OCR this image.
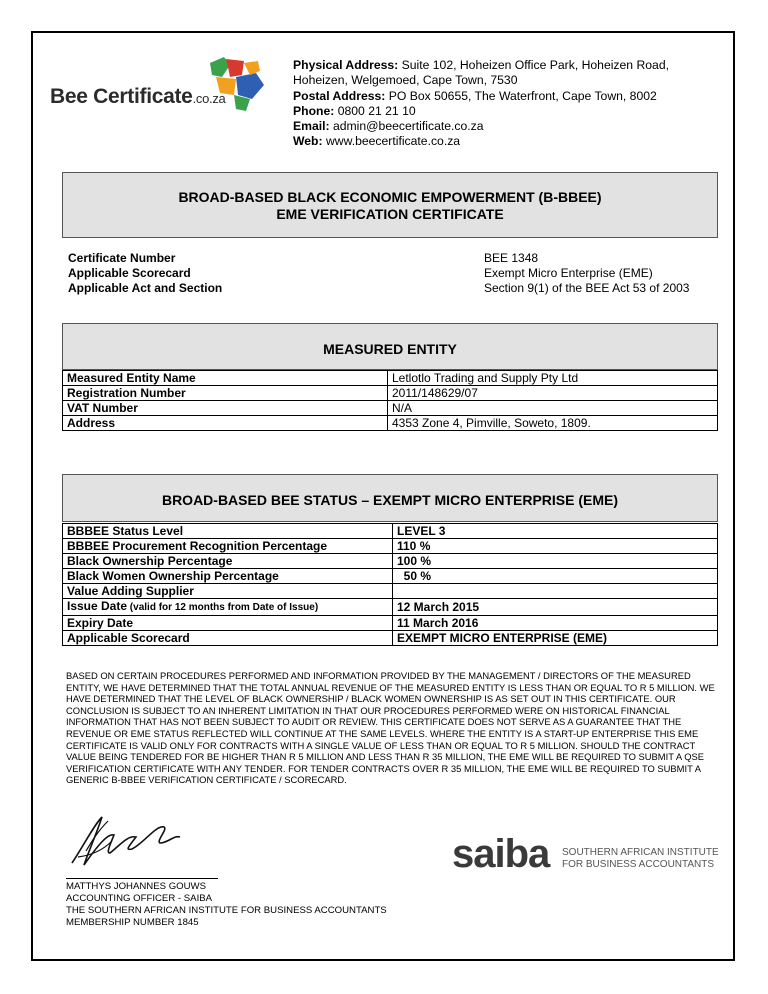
Bee Certificate.co.za
Physical Address: Suite 102, Hoheizen Office Park, Hoheizen Road,
Hoheizen, Welgemoed, Cape Town, 7530
Postal Address: PO Box 50655, The Waterfront, Cape Town, 8002
Phone: 0800 21 21 10
Email: admin@beecertificate.co.za
Web: www.beecertificate.co.za
BROAD-BASED BLACK ECONOMIC EMPOWERMENT (B-BBEE)
EME VERIFICATION CERTIFICATE
Certificate Number	BEE 1348
Applicable Scorecard	Exempt Micro Enterprise (EME)
Applicable Act and Section	Section 9(1) of the BEE Act 53 of 2003
MEASURED ENTITY
Measured Entity Name	Letlotlo Trading and Supply Pty Ltd
Registration Number	2011/148629/07
VAT Number	N/A
Address	4353 Zone 4, Pimville, Soweto, 1809.
BROAD-BASED BEE STATUS – EXEMPT MICRO ENTERPRISE (EME)
BBBEE Status Level	LEVEL 3
BBBEE Procurement Recognition Percentage	110 %
Black Ownership Percentage	100 %
Black Women Ownership Percentage	50 %
Value Adding Supplier	
Issue Date (valid for 12 months from Date of Issue)	12 March 2015
Expiry Date	11 March 2016
Applicable Scorecard	EXEMPT MICRO ENTERPRISE (EME)
BASED ON CERTAIN PROCEDURES PERFORMED AND INFORMATION PROVIDED BY THE MANAGEMENT / DIRECTORS OF THE MEASURED ENTITY, WE HAVE DETERMINED THAT THE TOTAL ANNUAL REVENUE OF THE MEASURED ENTITY IS LESS THAN OR EQUAL TO R 5 MILLION. WE HAVE DETERMINED THAT THE LEVEL OF BLACK OWNERSHIP / BLACK WOMEN OWNERSHIP IS AS SET OUT IN THIS CERTIFICATE. OUR CONCLUSION IS SUBJECT TO AN INHERENT LIMITATION IN THAT OUR PROCEDURES PERFORMED WERE ON HISTORICAL FINANCIAL INFORMATION THAT HAS NOT BEEN SUBJECT TO AUDIT OR REVIEW. THIS CERTIFICATE DOES NOT SERVE AS A GUARANTEE THAT THE REVENUE OR EME STATUS REFLECTED WILL CONTINUE AT THE SAME LEVELS. WHERE THE ENTITY IS A START-UP ENTERPRISE THIS EME CERTIFICATE IS VALID ONLY FOR CONTRACTS WITH A SINGLE VALUE OF LESS THAN OR EQUAL TO R 5 MILLION. SHOULD THE CONTRACT VALUE BEING TENDERED FOR BE HIGHER THAN R 5 MILLION AND LESS THAN R 35 MILLION, THE EME WILL BE REQUIRED TO SUBMIT A QSE VERIFICATION CERTIFICATE WITH ANY TENDER. FOR TENDER CONTRACTS OVER R 35 MILLION, THE EME WILL BE REQUIRED TO SUBMIT A GENERIC B-BBEE VERIFICATION CERTIFICATE / SCORECARD.
MATTHYS JOHANNES GOUWS
ACCOUNTING OFFICER - SAIBA
THE SOUTHERN AFRICAN INSTITUTE FOR BUSINESS ACCOUNTANTS
MEMBERSHIP NUMBER 1845
saiba SOUTHERN AFRICAN INSTITUTE
FOR BUSINESS ACCOUNTANTS
